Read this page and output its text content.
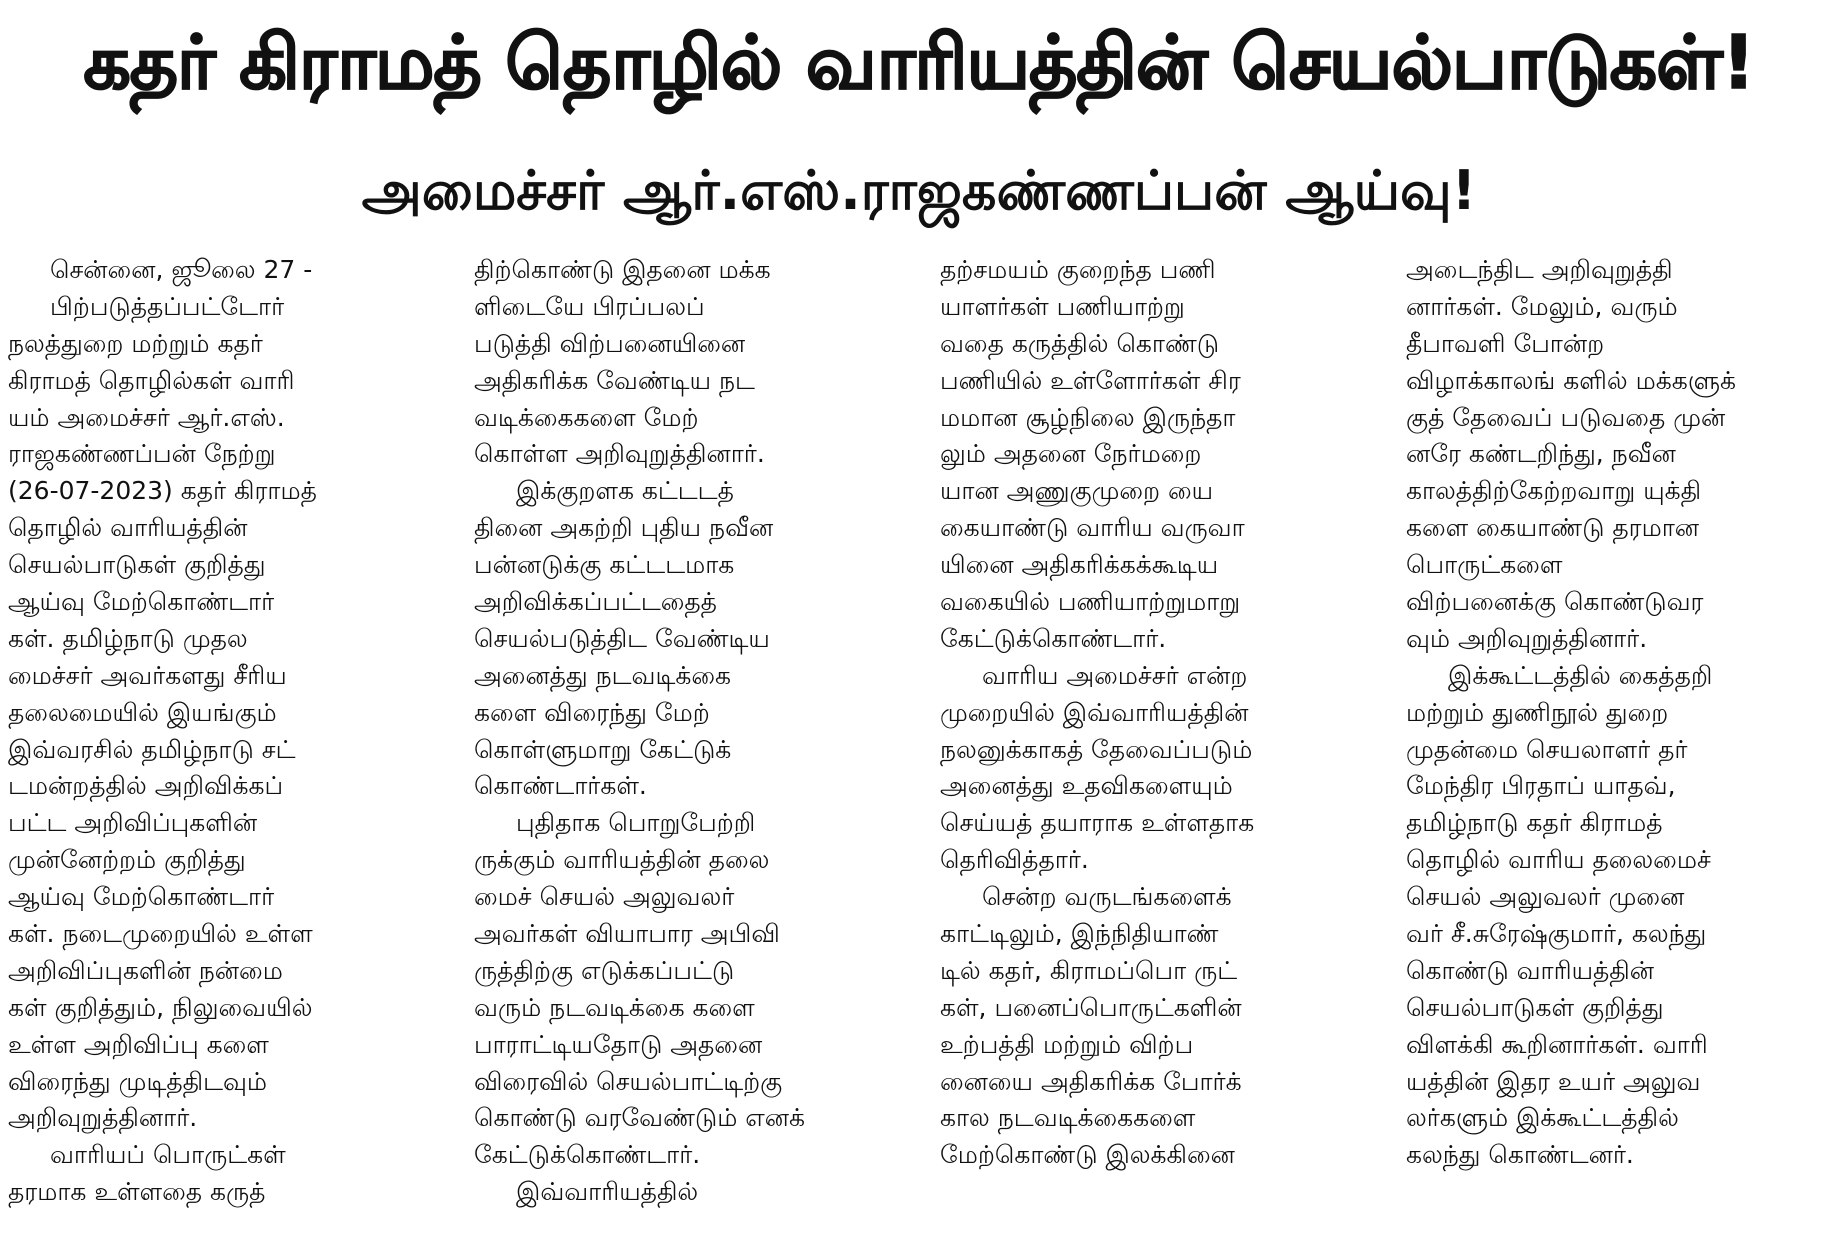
கதர் கிராமத் தொழில் வாரியத்தின் செயல்பாடுகள்!
அமைச்சர் ஆர்.எஸ்.ராஜகண்ணப்பன் ஆய்வு!
சென்னை, ஜூலை 27 -
பிற்படுத்தப்பட்டோர்
நலத்துறை மற்றும் கதர்
கிராமத் தொழில்கள் வாரி
யம் அமைச்சர் ஆர்.எஸ்.
ராஜகண்ணப்பன் நேற்று
(26-07-2023) கதர் கிராமத்
தொழில் வாரியத்தின்
செயல்பாடுகள் குறித்து
ஆய்வு மேற்கொண்டார்
கள். தமிழ்நாடு முதல
மைச்சர் அவர்களது சீரிய
தலைமையில் இயங்கும்
இவ்வரசில் தமிழ்நாடு சட்
டமன்றத்தில் அறிவிக்கப்
பட்ட அறிவிப்புகளின்
முன்னேற்றம் குறித்து
ஆய்வு மேற்கொண்டார்
கள். நடைமுறையில் உள்ள
அறிவிப்புகளின் நன்மை
கள் குறித்தும், நிலுவையில்
உள்ள அறிவிப்பு களை
விரைந்து முடித்திடவும்
அறிவுறுத்தினார்.
வாரியப் பொருட்கள்
தரமாக உள்ளதை கருத்
திற்கொண்டு இதனை மக்க
ளிடையே பிரப்பலப்
படுத்தி விற்பனையினை
அதிகரிக்க வேண்டிய நட
வடிக்கைகளை மேற்
கொள்ள அறிவுறுத்தினார்.
இக்குறளக கட்டடத்
தினை அகற்றி புதிய நவீன
பன்னடுக்கு கட்டடமாக
அறிவிக்கப்பட்டதைத்
செயல்படுத்திட வேண்டிய
அனைத்து நடவடிக்கை
களை விரைந்து மேற்
கொள்ளுமாறு கேட்டுக்
கொண்டார்கள்.
புதிதாக பொறுபேற்றி
ருக்கும் வாரியத்தின் தலை
மைச் செயல் அலுவலர்
அவர்கள் வியாபார அபிவி
ருத்திற்கு எடுக்கப்பட்டு
வரும் நடவடிக்கை களை
பாராட்டியதோடு அதனை
விரைவில் செயல்பாட்டிற்கு
கொண்டு வரவேண்டும் எனக்
கேட்டுக்கொண்டார்.
இவ்வாரியத்தில்
தற்சமயம் குறைந்த பணி
யாளர்கள் பணியாற்று
வதை கருத்தில் கொண்டு
பணியில் உள்ளோர்கள் சிர
மமான சூழ்நிலை இருந்தா
லும் அதனை நேர்மறை
யான அணுகுமுறை யை
கையாண்டு வாரிய வருவா
யினை அதிகரிக்கக்கூடிய
வகையில் பணியாற்றுமாறு
கேட்டுக்கொண்டார்.
வாரிய அமைச்சர் என்ற
முறையில் இவ்வாரியத்தின்
நலனுக்காகத் தேவைப்படும்
அனைத்து உதவிகளையும்
செய்யத் தயாராக உள்ளதாக
தெரிவித்தார்.
சென்ற வருடங்களைக்
காட்டிலும், இந்நிதியாண்
டில் கதர், கிராமப்பொ ருட்
கள், பனைப்பொருட்களின்
உற்பத்தி மற்றும் விற்ப
னையை அதிகரிக்க போர்க்
கால நடவடிக்கைகளை
மேற்கொண்டு இலக்கினை
அடைந்திட அறிவுறுத்தி
னார்கள். மேலும், வரும்
தீபாவளி போன்ற
விழாக்காலங் களில் மக்களுக்
குத் தேவைப் படுவதை முன்
னரே கண்டறிந்து, நவீன
காலத்திற்கேற்றவாறு யுக்தி
களை கையாண்டு தரமான
பொருட்களை
விற்பனைக்கு கொண்டுவர
வும் அறிவுறுத்தினார்.
இக்கூட்டத்தில் கைத்தறி
மற்றும் துணிநூல் துறை
முதன்மை செயலாளர் தர்
மேந்திர பிரதாப் யாதவ்,
தமிழ்நாடு கதர் கிராமத்
தொழில் வாரிய தலைமைச்
செயல் அலுவலர் முனை
வர் சீ.சுரேஷ்குமார், கலந்து
கொண்டு வாரியத்தின்
செயல்பாடுகள் குறித்து
விளக்கி கூறினார்கள். வாரி
யத்தின் இதர உயர் அலுவ
லர்களும் இக்கூட்டத்தில்
கலந்து கொண்டனர்.
